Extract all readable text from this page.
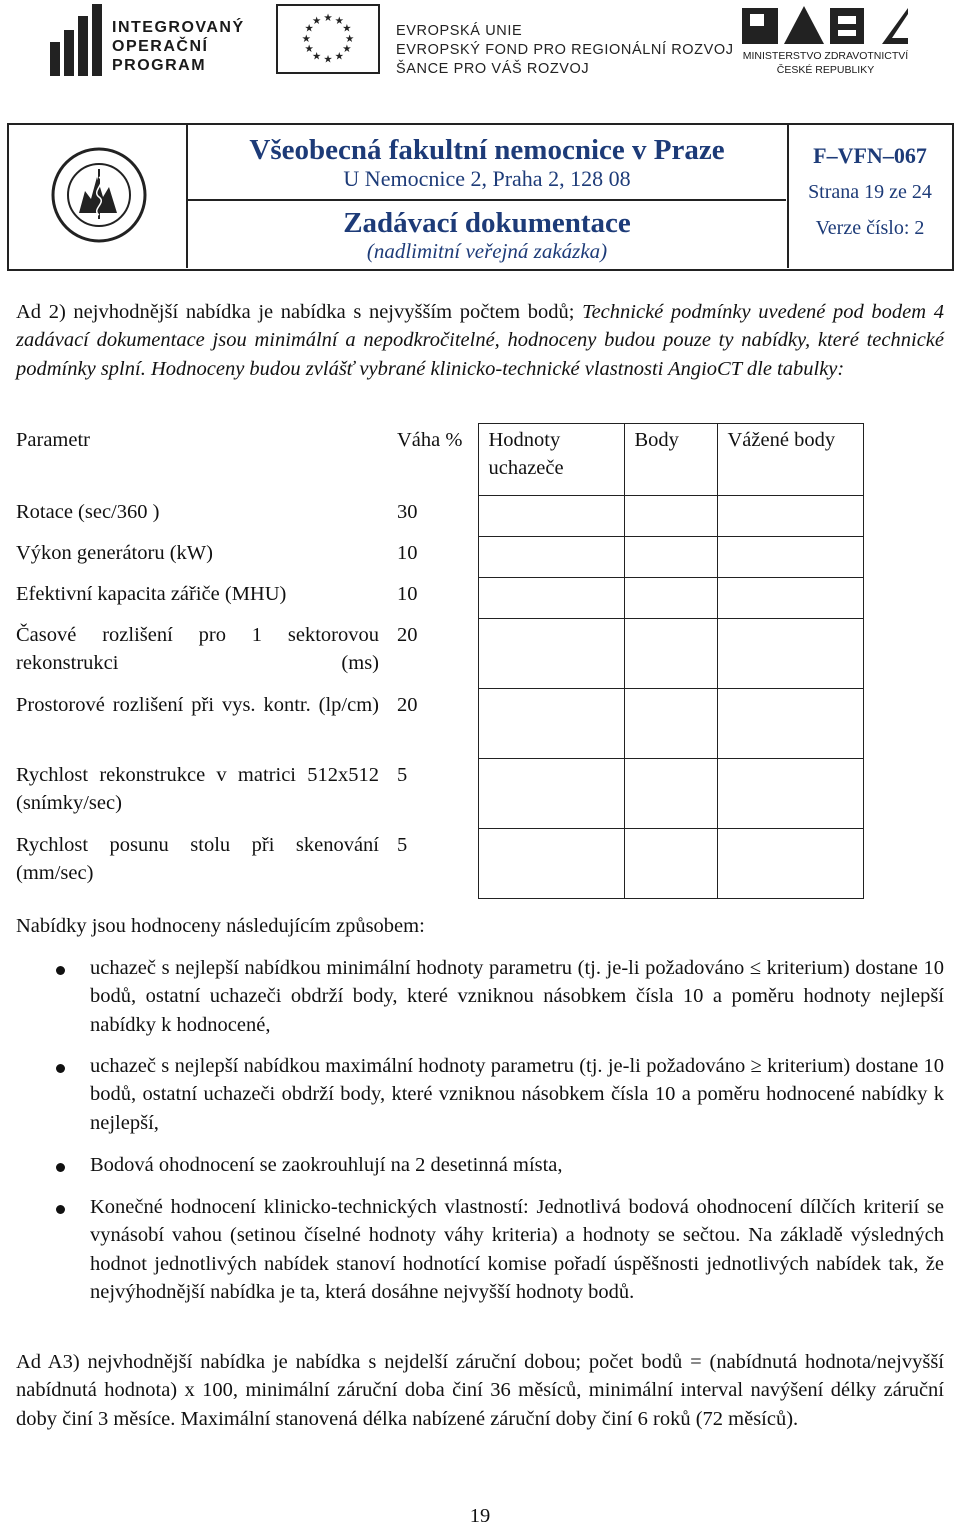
INTEGROVANÝ
OPERAČNÍ
PROGRAM
★ ★
★
★
★
★
★
★
★
★
★
★
EVROPSKÁ UNIE
EVROPSKÝ FOND PRO REGIONÁLNÍ ROZVOJ
ŠANCE PRO VÁŠ ROZVOJ
MINISTERSTVO ZDRAVOTNICTVÍ
ČESKÉ REPUBLIKY
Všeobecná fakultní nemocnice v Praze
U Nemocnice 2, Praha 2, 128 08
Zadávací dokumentace
(nadlimitní veřejná zakázka)
F–VFN–067
Strana 19 ze 24
Verze číslo: 2
Ad 2) nejvhodnější nabídka je nabídka s nejvyšším počtem bodů; Technické podmínky uvedené pod bodem 4 zadávací dokumentace jsou minimální a nepodkročitelné, hodnoceny budou pouze ty nabídky, které technické podmínky splní. Hodnoceny budou zvlášť vybrané klinicko-technické vlastnosti AngioCT dle tabulky:
Parametr	Váha %	Hodnoty uchazeče	Body	Vážené body
Rotace (sec/360 )	30			
Výkon generátoru (kW)	10			
Efektivní kapacita zářiče (MHU)	10			
Časové rozlišení pro 1 sektorovou rekonstrukci (ms)	20			
Prostorové rozlišení při vys. kontr. (lp/cm)	20			
Rychlost rekonstrukce v matrici 512x512 (snímky/sec)	5			
Rychlost posunu stolu při skenování (mm/sec)	5			
Nabídky jsou hodnoceny následujícím způsobem:
uchazeč s nejlepší nabídkou minimální hodnoty parametru (tj. je-li požadováno ≤ kriterium) dostane 10 bodů, ostatní uchazeči obdrží body, které vzniknou násobkem čísla 10 a poměru hodnoty nejlepší nabídky k hodnocené,
uchazeč s nejlepší nabídkou maximální hodnoty parametru (tj. je-li požadováno ≥ kriterium) dostane 10 bodů, ostatní uchazeči obdrží body, které vzniknou násobkem čísla 10 a poměru hodnocené nabídky k nejlepší,
Bodová ohodnocení se zaokrouhlují na 2 desetinná místa,
Konečné hodnocení klinicko-technických vlastností: Jednotlivá bodová ohodnocení dílčích kriterií se vynásobí vahou (setinou číselné hodnoty váhy kriteria) a hodnoty se sečtou. Na základě výsledných hodnot jednotlivých nabídek stanoví hodnotící komise pořadí úspěšnosti jednotlivých nabídek tak, že nejvýhodnější nabídka je ta, která dosáhne nejvyšší hodnoty bodů.
Ad A3) nejvhodnější nabídka je nabídka s nejdelší záruční dobou; počet bodů = (nabídnutá hodnota/nejvyšší nabídnutá hodnota) x 100, minimální záruční doba činí 36 měsíců, minimální interval navýšení délky záruční doby činí 3 měsíce. Maximální stanovená délka nabízené záruční doby činí 6 roků (72 měsíců).
19
